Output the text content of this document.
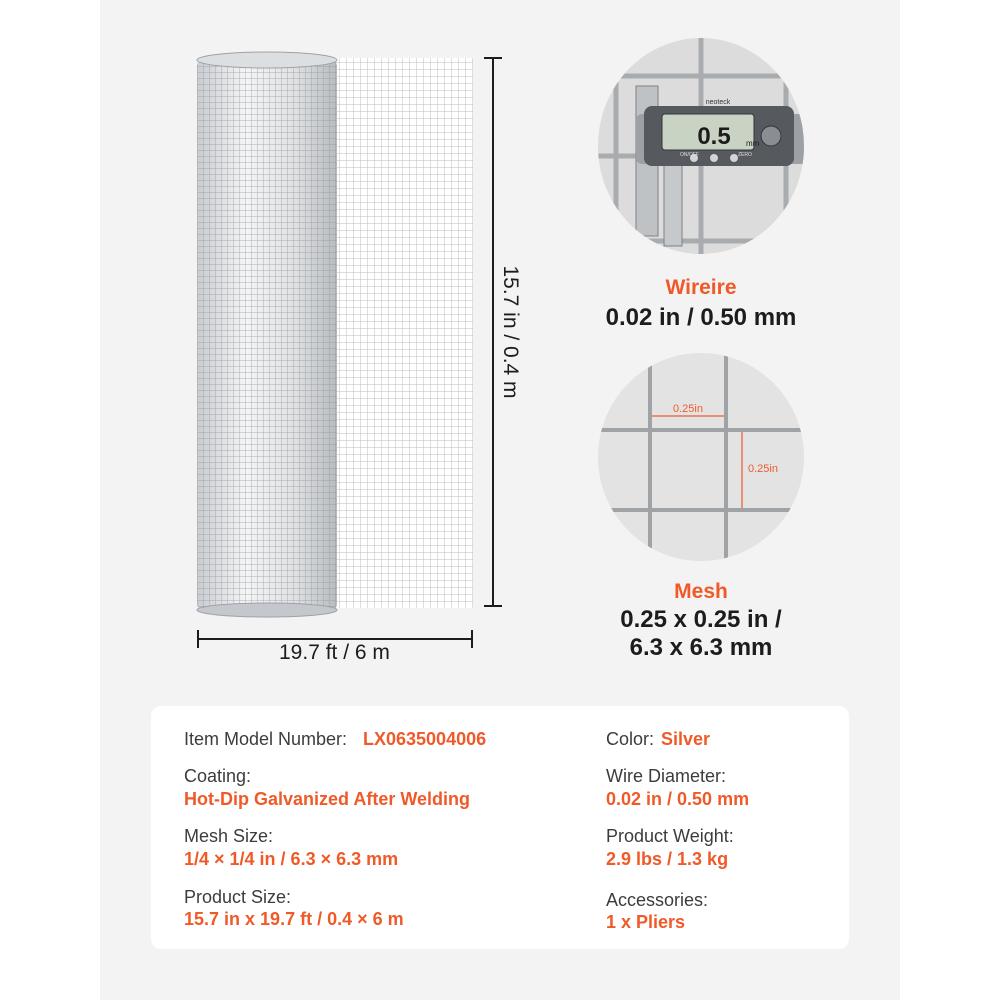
15.7 in / 0.4 m
19.7 ft / 6 m
neoteck
0.5 mm
ON/OFF	ZERO
Wireire
0.02 in / 0.50 mm
0.25in
0.25in
Mesh
0.25 x 0.25 in /
6.3 x 6.3 mm
Item Model Number: LX0635004006
Coating:
Hot-Dip Galvanized After Welding
Mesh Size:
1/4 × 1/4 in / 6.3 × 6.3 mm
Product Size:
15.7 in x 19.7 ft / 0.4 × 6 m
Color: Silver
Wire Diameter:
0.02 in / 0.50 mm
Product Weight:
2.9 lbs / 1.3 kg
Accessories:
1 x Pliers
